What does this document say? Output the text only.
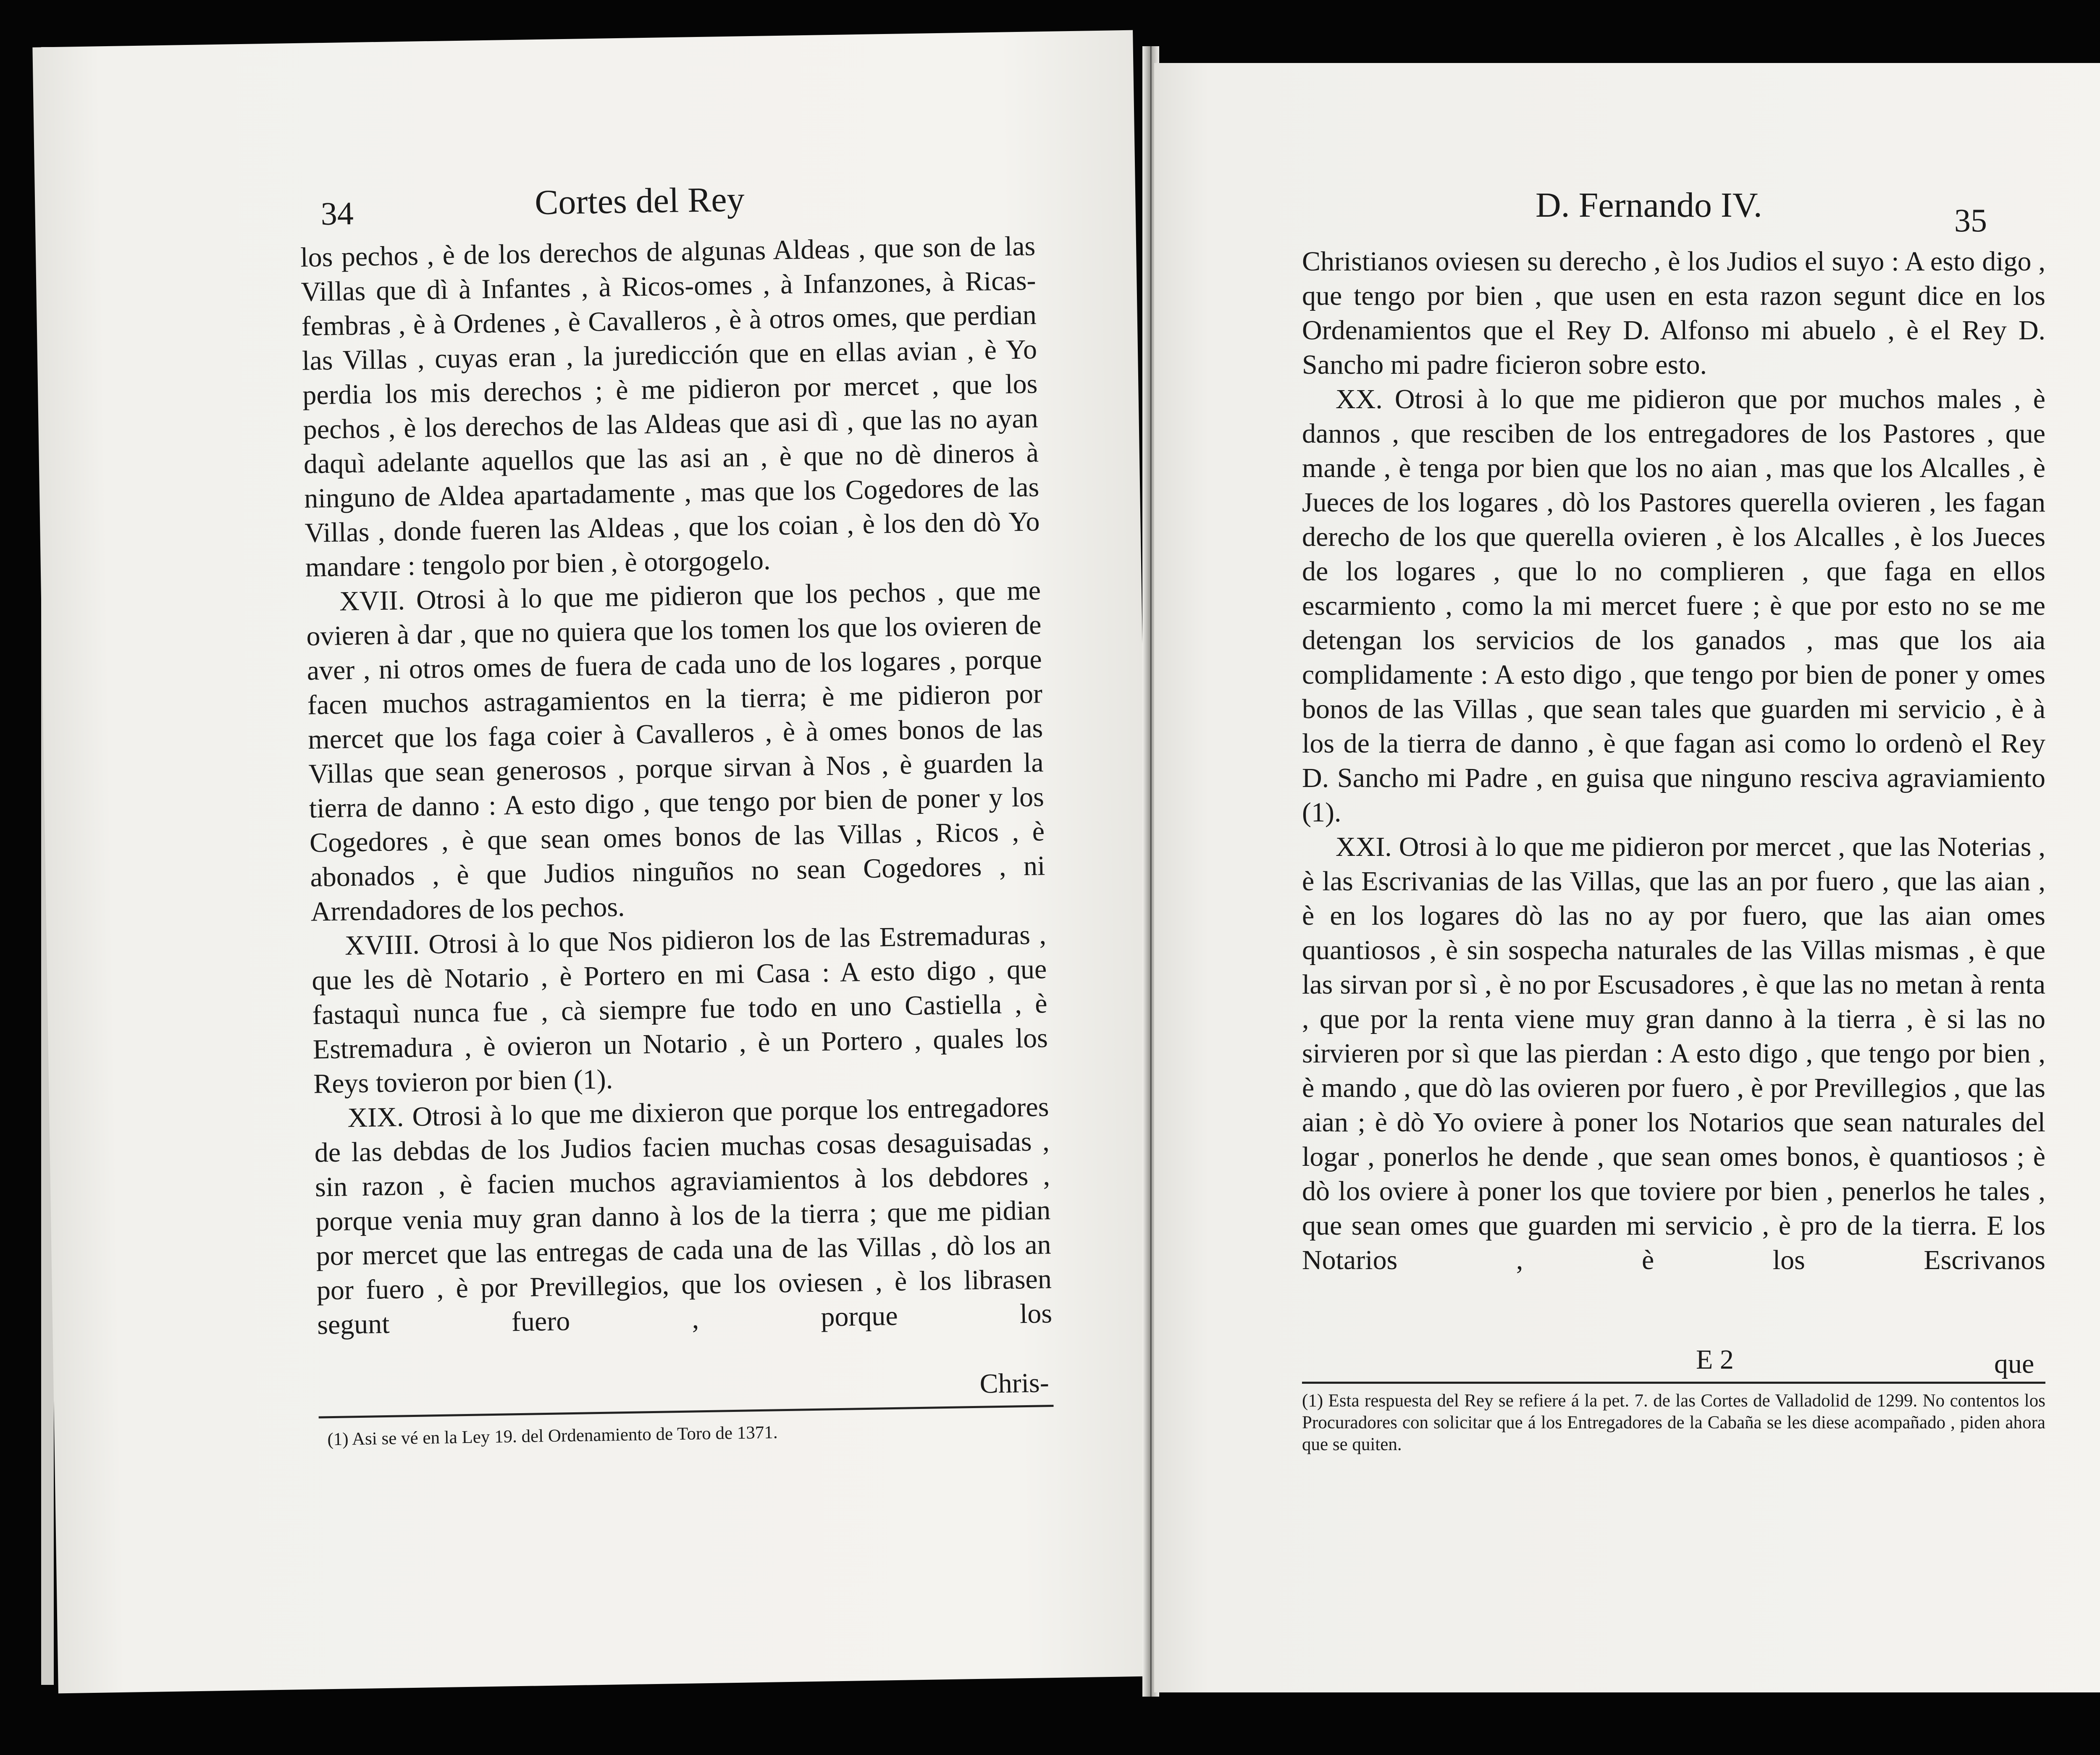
34	Cortes del Rey

los pechos , è de los derechos de algunas Aldeas , que son de las Villas que dì à Infantes , à Ricos-omes , à Infanzones, à Ricas-fembras , è à Ordenes , è Cavalleros , è à otros omes, que perdian las Villas , cuyas eran , la juredicción que en ellas avian , è Yo perdia los mis derechos ; è me pidieron por mercet , que los pechos , è los derechos de las Aldeas que asi dì , que las no ayan daquì adelante aquellos que las asi an , è que no dè dineros à ninguno de Aldea apartadamente , mas que los Cogedores de las Villas , donde fueren las Aldeas , que los coian , è los den dò Yo mandare : tengolo por bien , è otorgogelo.

XVII. Otrosi à lo que me pidieron que los pechos , que me ovieren à dar , que no quiera que los tomen los que los ovieren de aver , ni otros omes de fuera de cada uno de los logares , porque facen muchos astragamientos en la tierra; è me pidieron por mercet que los faga coier à Cavalleros , è à omes bonos de las Villas que sean generosos , porque sirvan à Nos , è guarden la tierra de danno : A esto digo , que tengo por bien de poner y los Cogedores , è que sean omes bonos de las Villas , Ricos , è abonados , è que Judios ninguños no sean Cogedores , ni Arrendadores de los pechos.

XVIII. Otrosi à lo que Nos pidieron los de las Estremaduras , que les dè Notario , è Portero en mi Casa : A esto digo , que fastaquì nunca fue , cà siempre fue todo en uno Castiella , è Estremadura , è ovieron un Notario , è un Portero , quales los Reys tovieron por bien (1).

XIX. Otrosi à lo que me dixieron que porque los entregadores de las debdas de los Judios facien muchas cosas desaguisadas , sin razon , è facien muchos agraviamientos à los debdores , porque venia muy gran danno à los de la tierra ; que me pidian por mercet que las entregas de cada una de las Villas , dò los an por fuero , è por Previllegios, que los oviesen , è los librasen segunt fuero , porque los

Chris-
(1) Asi se vé en la Ley 19. del Ordenamiento de Toro de 1371.
D. Fernando IV.	35

Christianos oviesen su derecho , è los Judios el suyo : A esto digo , que tengo por bien , que usen en esta razon segunt dice en los Ordenamientos que el Rey D. Alfonso mi abuelo , è el Rey D. Sancho mi padre ficieron sobre esto.

XX. Otrosi à lo que me pidieron que por muchos males , è dannos , que resciben de los entregadores de los Pastores , que mande , è tenga por bien que los no aian , mas que los Alcalles , è Jueces de los logares , dò los Pastores querella ovieren , les fagan derecho de los que querella ovieren , è los Alcalles , è los Jueces de los logares , que lo no complieren , que faga en ellos escarmiento , como la mi mercet fuere ; è que por esto no se me detengan los servicios de los ganados , mas que los aia complidamente : A esto digo , que tengo por bien de poner y omes bonos de las Villas , que sean tales que guarden mi servicio , è à los de la tierra de danno , è que fagan asi como lo ordenò el Rey D. Sancho mi Padre , en guisa que ninguno resciva agraviamiento (1).

XXI. Otrosi à lo que me pidieron por mercet , que las Noterias , è las Escrivanias de las Villas, que las an por fuero , que las aian , è en los logares dò las no ay por fuero, que las aian omes quantiosos , è sin sospecha naturales de las Villas mismas , è que las sirvan por sì , è no por Escusadores , è que las no metan à renta , que por la renta viene muy gran danno à la tierra , è si las no sirvieren por sì que las pierdan : A esto digo , que tengo por bien , è mando , que dò las ovieren por fuero , è por Previllegios , que las aian ; è dò Yo oviere à poner los Notarios que sean naturales del logar , ponerlos he dende , que sean omes bonos, è quantiosos ; è dò los oviere à poner los que toviere por bien , penerlos he tales , que sean omes que guarden mi servicio , è pro de la tierra. E los Notarios , è los Escrivanos

E 2	que
(1) Esta respuesta del Rey se refiere á la pet. 7. de las Cortes de Valladolid de 1299. No contentos los Procuradores con solicitar que á los Entregadores de la Cabaña se les diese acompañado , piden ahora que se quiten.
